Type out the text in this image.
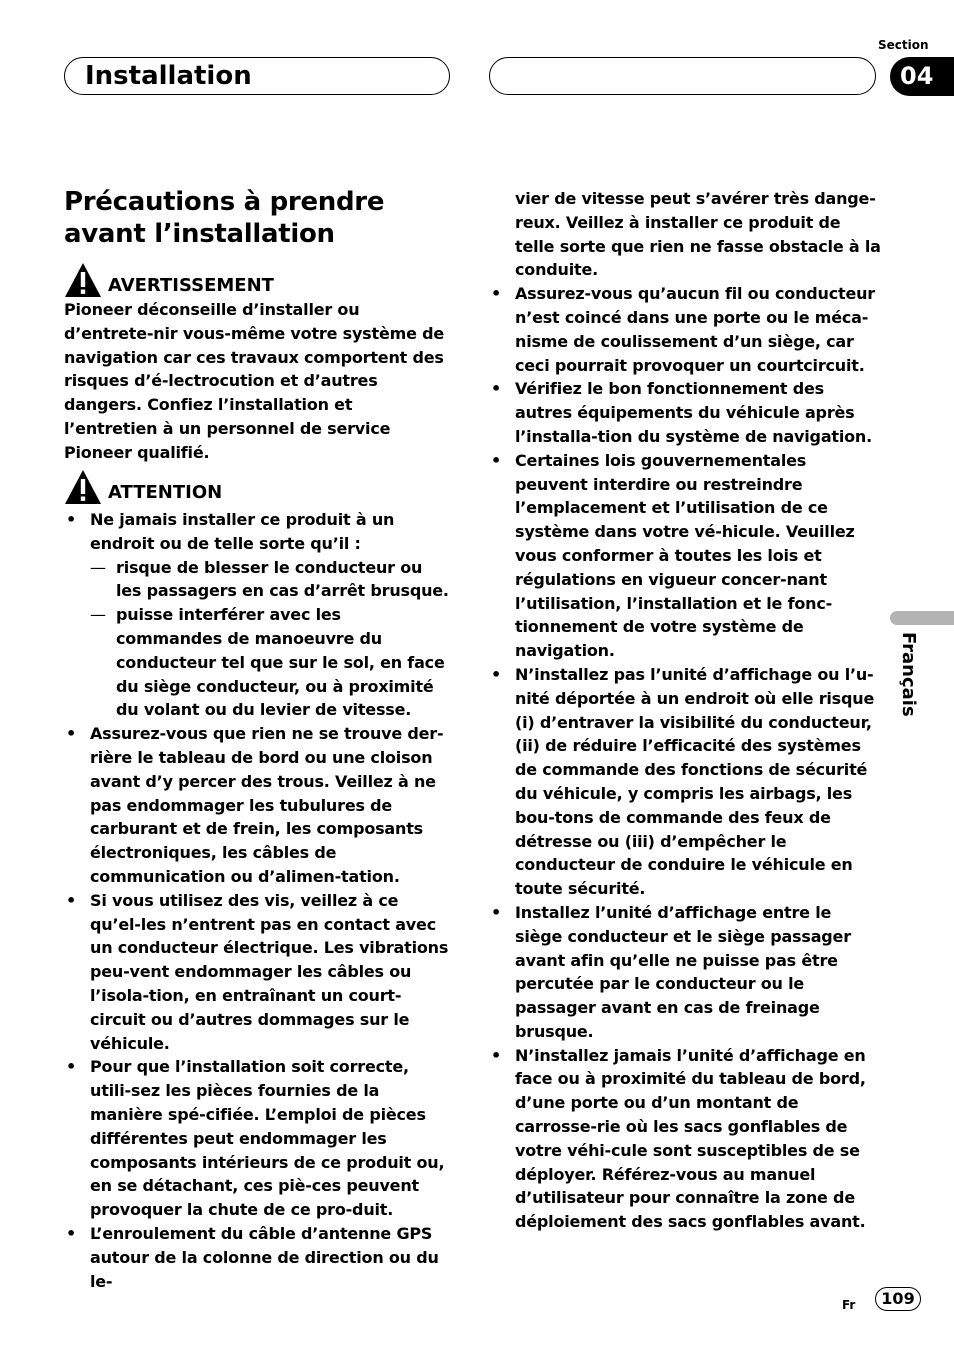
Section
04
Installation
Précautions à prendre avant l’installation
AVERTISSEMENT

Pioneer déconseille d’installer ou d’entrete-nir vous-même votre système de navigation car ces travaux comportent des risques d’é-lectrocution et d’autres dangers. Confiez l’installation et l’entretien à un personnel de service Pioneer qualifié.

ATTENTION
• Ne jamais installer ce produit à un endroit ou de telle sorte qu’il :
— risque de blesser le conducteur ou les passagers en cas d’arrêt brusque.
— puisse interférer avec les commandes de manoeuvre du conducteur tel que sur le sol, en face du siège conducteur, ou à proximité du volant ou du levier de vitesse.
• Assurez-vous que rien ne se trouve der-rière le tableau de bord ou une cloison avant d’y percer des trous. Veillez à ne pas endommager les tubulures de carburant et de frein, les composants électroniques, les câbles de communication ou d’alimen-tation.
• Si vous utilisez des vis, veillez à ce qu’el-les n’entrent pas en contact avec un conducteur électrique. Les vibrations peu-vent endommager les câbles ou l’isola-tion, en entraînant un court-circuit ou d’autres dommages sur le véhicule.
• Pour que l’installation soit correcte, utili-sez les pièces fournies de la manière spé-cifiée. L’emploi de pièces différentes peut endommager les composants intérieurs de ce produit ou, en se détachant, ces piè-ces peuvent provoquer la chute de ce pro-duit.
• L’enroulement du câble d’antenne GPS autour de la colonne de direction ou du le-
vier de vitesse peut s’avérer très dange-reux. Veillez à installer ce produit de telle sorte que rien ne fasse obstacle à la conduite.
• Assurez-vous qu’aucun fil ou conducteur n’est coincé dans une porte ou le méca-nisme de coulissement d’un siège, car ceci pourrait provoquer un courtcircuit.
• Vérifiez le bon fonctionnement des autres équipements du véhicule après l’installa-tion du système de navigation.
• Certaines lois gouvernementales peuvent interdire ou restreindre l’emplacement et l’utilisation de ce système dans votre vé-hicule. Veuillez vous conformer à toutes les lois et régulations en vigueur concer-nant l’utilisation, l’installation et le fonc-tionnement de votre système de navigation.
• N’installez pas l’unité d’affichage ou l’u-nité déportée à un endroit où elle risque (i) d’entraver la visibilité du conducteur, (ii) de réduire l’efficacité des systèmes de commande des fonctions de sécurité du véhicule, y compris les airbags, les bou-tons de commande des feux de détresse ou (iii) d’empêcher le conducteur de conduire le véhicule en toute sécurité.
• Installez l’unité d’affichage entre le siège conducteur et le siège passager avant afin qu’elle ne puisse pas être percutée par le conducteur ou le passager avant en cas de freinage brusque.
• N’installez jamais l’unité d’affichage en face ou à proximité du tableau de bord, d’une porte ou d’un montant de carrosse-rie où les sacs gonflables de votre véhi-cule sont susceptibles de se déployer. Référez-vous au manuel d’utilisateur pour connaître la zone de déploiement des sacs gonflables avant.
Français
Fr	109
